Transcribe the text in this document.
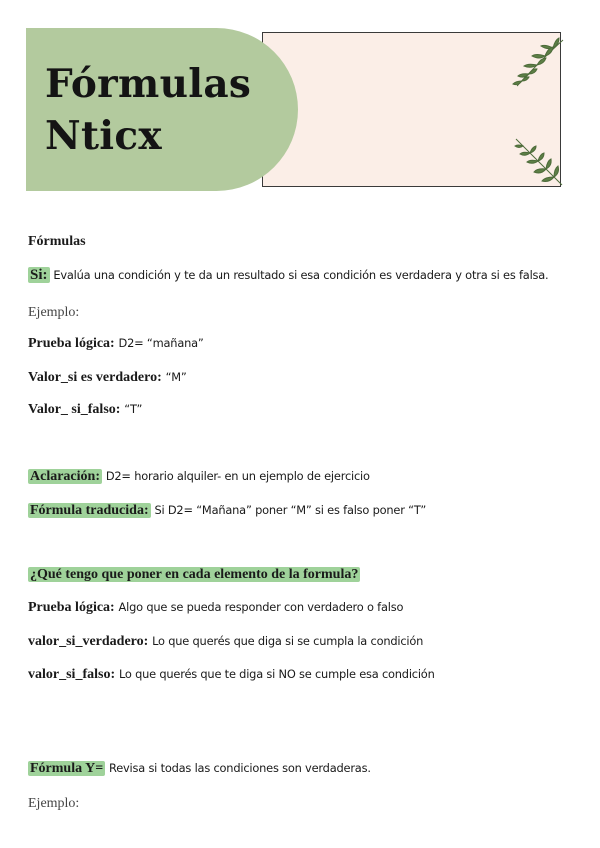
Fórmulas
Nticx

Fórmulas

Si: Evalúa una condición y te da un resultado si esa condición es verdadera y otra si es falsa.

Ejemplo:

Prueba lógica: D2= “mañana”

Valor_si es verdadero: “M”

Valor_ si_falso: “T”

Aclaración: D2= horario alquiler- en un ejemplo de ejercicio

Fórmula traducida: Si D2= “Mañana” poner “M” si es falso poner “T”

¿Qué tengo que poner en cada elemento de la formula?

Prueba lógica: Algo que se pueda responder con verdadero o falso

valor_si_verdadero: Lo que querés que diga si se cumpla la condición

valor_si_falso: Lo que querés que te diga si NO se cumple esa condición

Fórmula Y= Revisa si todas las condiciones son verdaderas.

Ejemplo:
